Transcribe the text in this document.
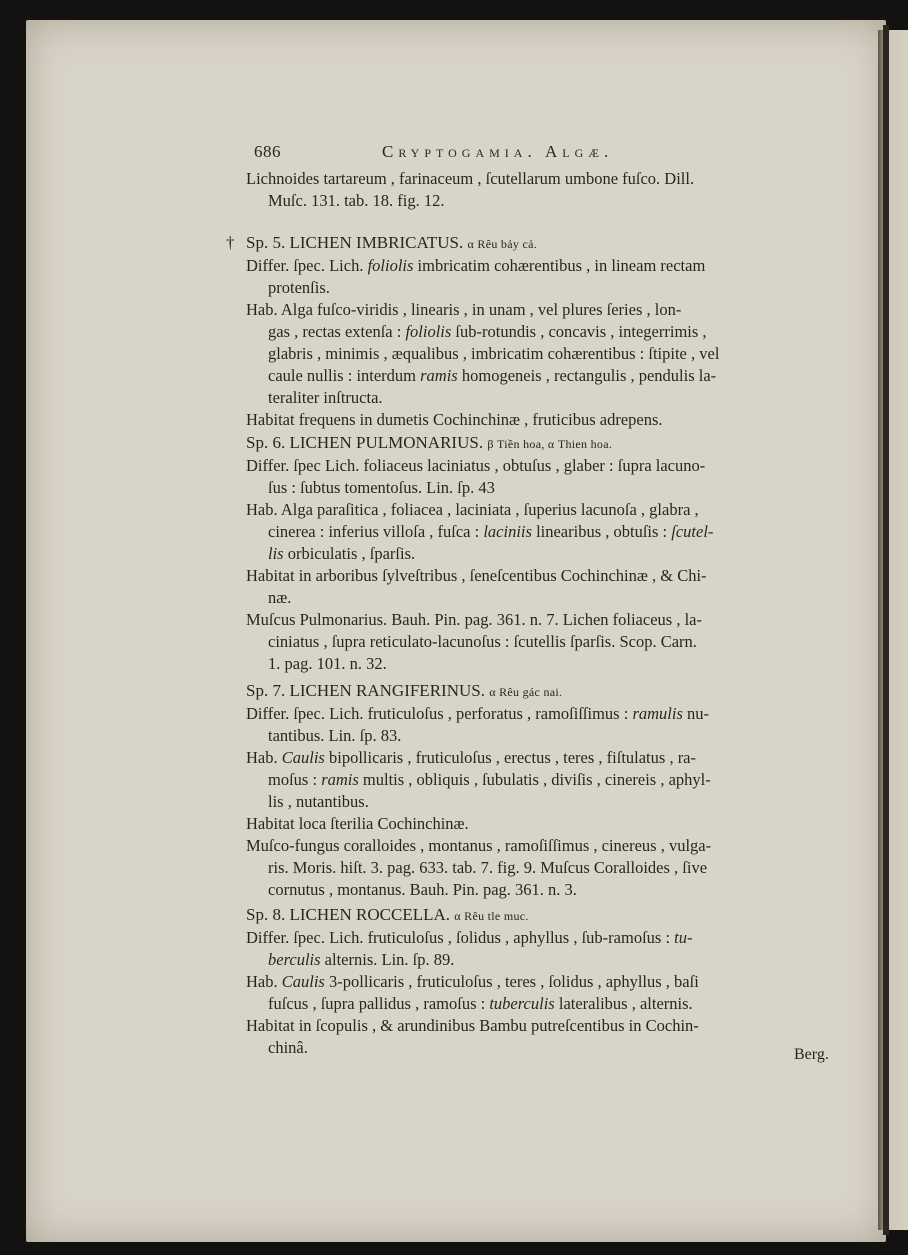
686	Cryptogamia. Algæ.
Lichnoides tartareum , farinaceum , ſcutellarum umbone fuſco. Dill.
Muſc. 131. tab. 18. fig. 12.
† Sp. 5. LICHEN IMBRICATUS. α Rêu bảy cả.
Differ. ſpec. Lich. foliolis imbricatim cohærentibus , in lineam rectam
protenſis.
Hab. Alga fuſco-viridis , linearis , in unam , vel plures ſeries , lon-
gas , rectas extenſa : foliolis ſub-rotundis , concavis , integerrimis ,
glabris , minimis , æqualibus , imbricatim cohærentibus : ſtipite , vel
caule nullis : interdum ramis homogeneis , rectangulis , pendulis la-
teraliter inſtructa.
Habitat frequens in dumetis Cochinchinæ , fruticibus adrepens.
Sp. 6. LICHEN PULMONARIUS. β Tiền hoa, α Thien hoa.
Differ. ſpec Lich. foliaceus laciniatus , obtuſus , glaber : ſupra lacuno-
ſus : ſubtus tomentoſus. Lin. ſp. 43
Hab. Alga paraſitica , foliacea , laciniata , ſuperius lacunoſa , glabra ,
cinerea : inferius villoſa , fuſca : laciniis linearibus , obtuſis : ſcutel-
lis orbiculatis , ſparſis.
Habitat in arboribus ſylveſtribus , ſeneſcentibus Cochinchinæ , & Chi-
næ.
Muſcus Pulmonarius. Bauh. Pin. pag. 361. n. 7. Lichen foliaceus , la-
ciniatus , ſupra reticulato-lacunoſus : ſcutellis ſparſis. Scop. Carn.
1. pag. 101. n. 32.
Sp. 7. LICHEN RANGIFERINUS. α Rêu gác nai.
Differ. ſpec. Lich. fruticuloſus , perforatus , ramoſiſſimus : ramulis nu-
tantibus. Lin. ſp. 83.
Hab. Caulis bipollicaris , fruticuloſus , erectus , teres , fiſtulatus , ra-
moſus : ramis multis , obliquis , ſubulatis , diviſis , cinereis , aphyl-
lis , nutantibus.
Habitat loca ſterilia Cochinchinæ.
Muſco-fungus coralloides , montanus , ramoſiſſimus , cinereus , vulga-
ris. Moris. hiſt. 3. pag. 633. tab. 7. fig. 9. Muſcus Coralloides , ſive
cornutus , montanus. Bauh. Pin. pag. 361. n. 3.
Sp. 8. LICHEN ROCCELLA. α Rêu tle muc.
Differ. ſpec. Lich. fruticuloſus , ſolidus , aphyllus , ſub-ramoſus : tu-
berculis alternis. Lin. ſp. 89.
Hab. Caulis 3-pollicaris , fruticuloſus , teres , ſolidus , aphyllus , baſi
fuſcus , ſupra pallidus , ramoſus : tuberculis lateralibus , alternis.
Habitat in ſcopulis , & arundinibus Bambu putreſcentibus in Cochin-
chinâ.	Berg.
